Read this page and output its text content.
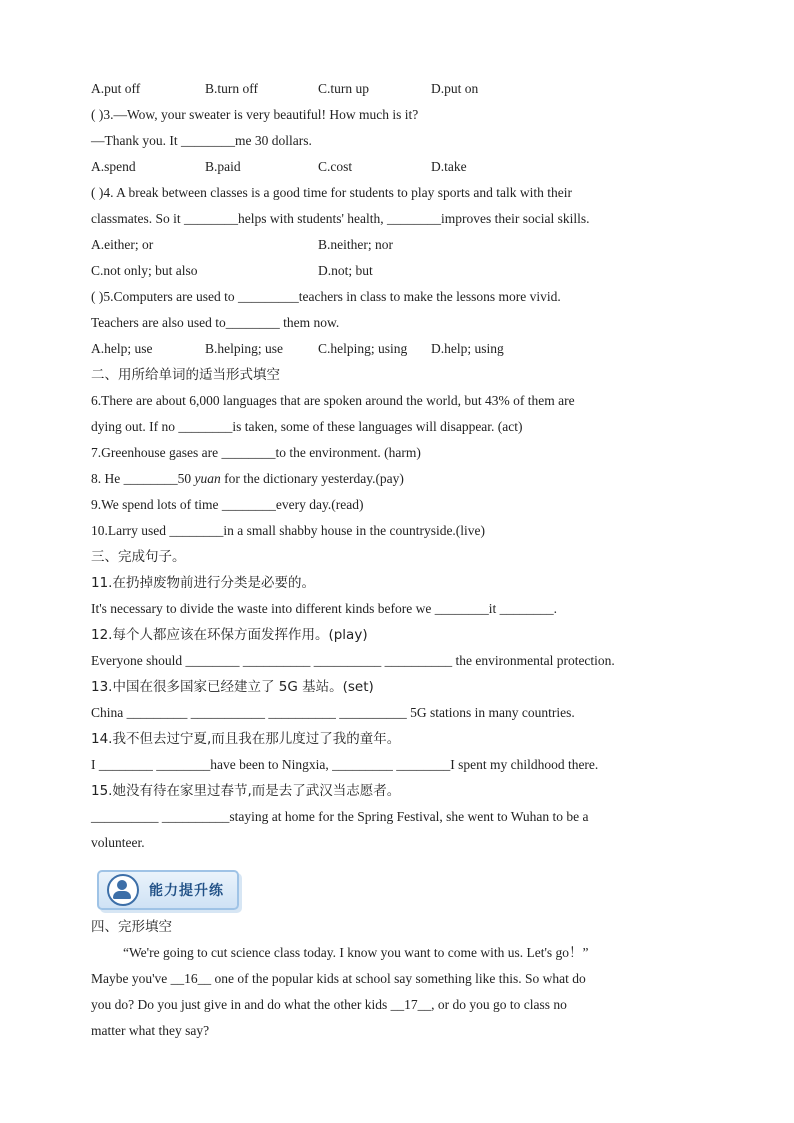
A.put off	B.turn off	C.turn up	D.put on
( )3.—Wow, your sweater is very beautiful! How much is it?
—Thank you. It ________me 30 dollars.
A.spend	B.paid	C.cost	D.take
( )4. A break between classes is a good time for students to play sports and talk with their
classmates. So it ________helps with students' health, ________improves their social skills.
A.either; or	B.neither; nor
C.not only; but also	D.not; but
( )5.Computers are used to _________teachers in class to make the lessons more vivid.
Teachers are also used to________ them now.
A.help; use	B.helping; use	C.helping; using D.help; using
二、用所给单词的适当形式填空
6.There are about 6,000 languages that are spoken around the world, but 43% of them are
dying out. If no ________is taken, some of these languages will disappear. (act)
7.Greenhouse gases are ________to the environment. (harm)
8. He ________50 yuan for the dictionary yesterday.(pay)
9.We spend lots of time ________every day.(read)
10.Larry used ________in a small shabby house in the countryside.(live)
三、完成句子。
11.在扔掉废物前进行分类是必要的。
It's necessary to divide the waste into different kinds before we ________it ________.
12.每个人都应该在环保方面发挥作用。(play)
Everyone should ________ __________ __________ __________ the environmental protection.
13.中国在很多国家已经建立了 5G 基站。(set)
China _________ ___________ __________ __________ 5G stations in many countries.
14.我不但去过宁夏,而且我在那儿度过了我的童年。
I ________ ________have been to Ningxia, _________ ________I spent my childhood there.
15.她没有待在家里过春节,而是去了武汉当志愿者。
__________ __________staying at home for the Spring Festival, she went to Wuhan to be a
volunteer.
能力提升练
四、完形填空
“We're going to cut science class today. I know you want to come with us. Let's go！”
Maybe you've __16__ one of the popular kids at school say something like this. So what do
you do? Do you just give in and do what the other kids __17__, or do you go to class no
matter what they say?
